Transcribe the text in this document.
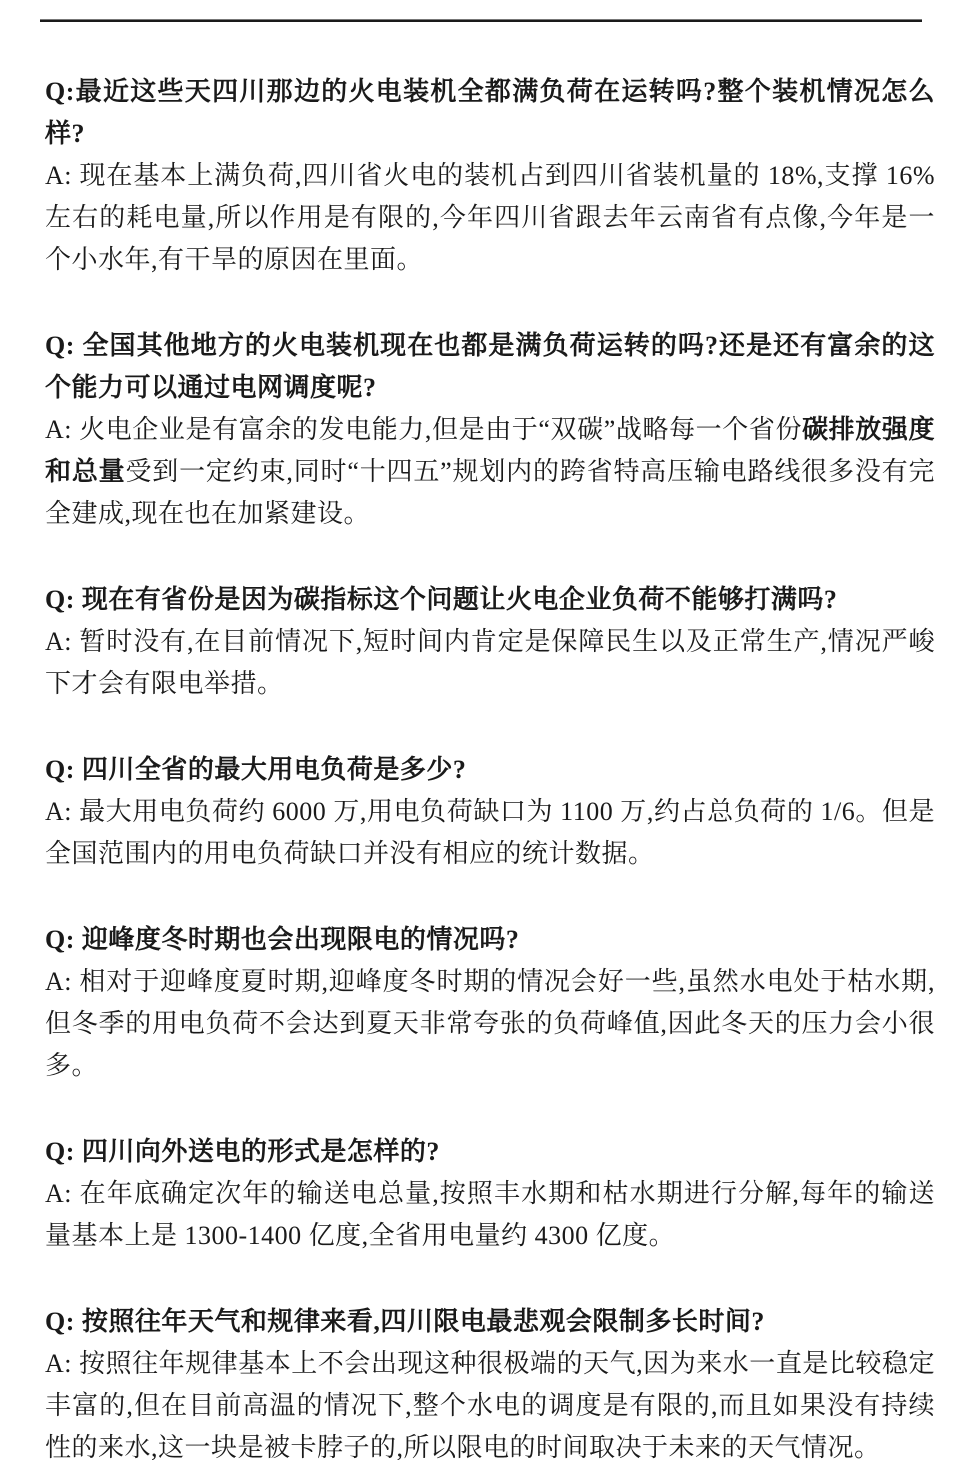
Q:最近这些天四川那边的火电装机全都满负荷在运转吗?整个装机情况怎么样?

A: 现在基本上满负荷,四川省火电的装机占到四川省装机量的 18%,支撑 16% 左右的耗电量,所以作用是有限的,今年四川省跟去年云南省有点像,今年是一个小水年,有干旱的原因在里面。

Q: 全国其他地方的火电装机现在也都是满负荷运转的吗?还是还有富余的这个能力可以通过电网调度呢?

A: 火电企业是有富余的发电能力,但是由于“双碳”战略每一个省份碳排放强度和总量受到一定约束,同时“十四五”规划内的跨省特高压输电路线很多没有完全建成,现在也在加紧建设。

Q: 现在有省份是因为碳指标这个问题让火电企业负荷不能够打满吗?

A: 暂时没有,在目前情况下,短时间内肯定是保障民生以及正常生产,情况严峻下才会有限电举措。

Q: 四川全省的最大用电负荷是多少?

A: 最大用电负荷约 6000 万,用电负荷缺口为 1100 万,约占总负荷的 1/6。但是全国范围内的用电负荷缺口并没有相应的统计数据。

Q: 迎峰度冬时期也会出现限电的情况吗?

A: 相对于迎峰度夏时期,迎峰度冬时期的情况会好一些,虽然水电处于枯水期,但冬季的用电负荷不会达到夏天非常夸张的负荷峰值,因此冬天的压力会小很多。

Q: 四川向外送电的形式是怎样的?

A: 在年底确定次年的输送电总量,按照丰水期和枯水期进行分解,每年的输送量基本上是 1300-1400 亿度,全省用电量约 4300 亿度。

Q: 按照往年天气和规律来看,四川限电最悲观会限制多长时间?

A: 按照往年规律基本上不会出现这种很极端的天气,因为来水一直是比较稳定丰富的,但在目前高温的情况下,整个水电的调度是有限的,而且如果没有持续性的来水,这一块是被卡脖子的,所以限电的时间取决于未来的天气情况。
